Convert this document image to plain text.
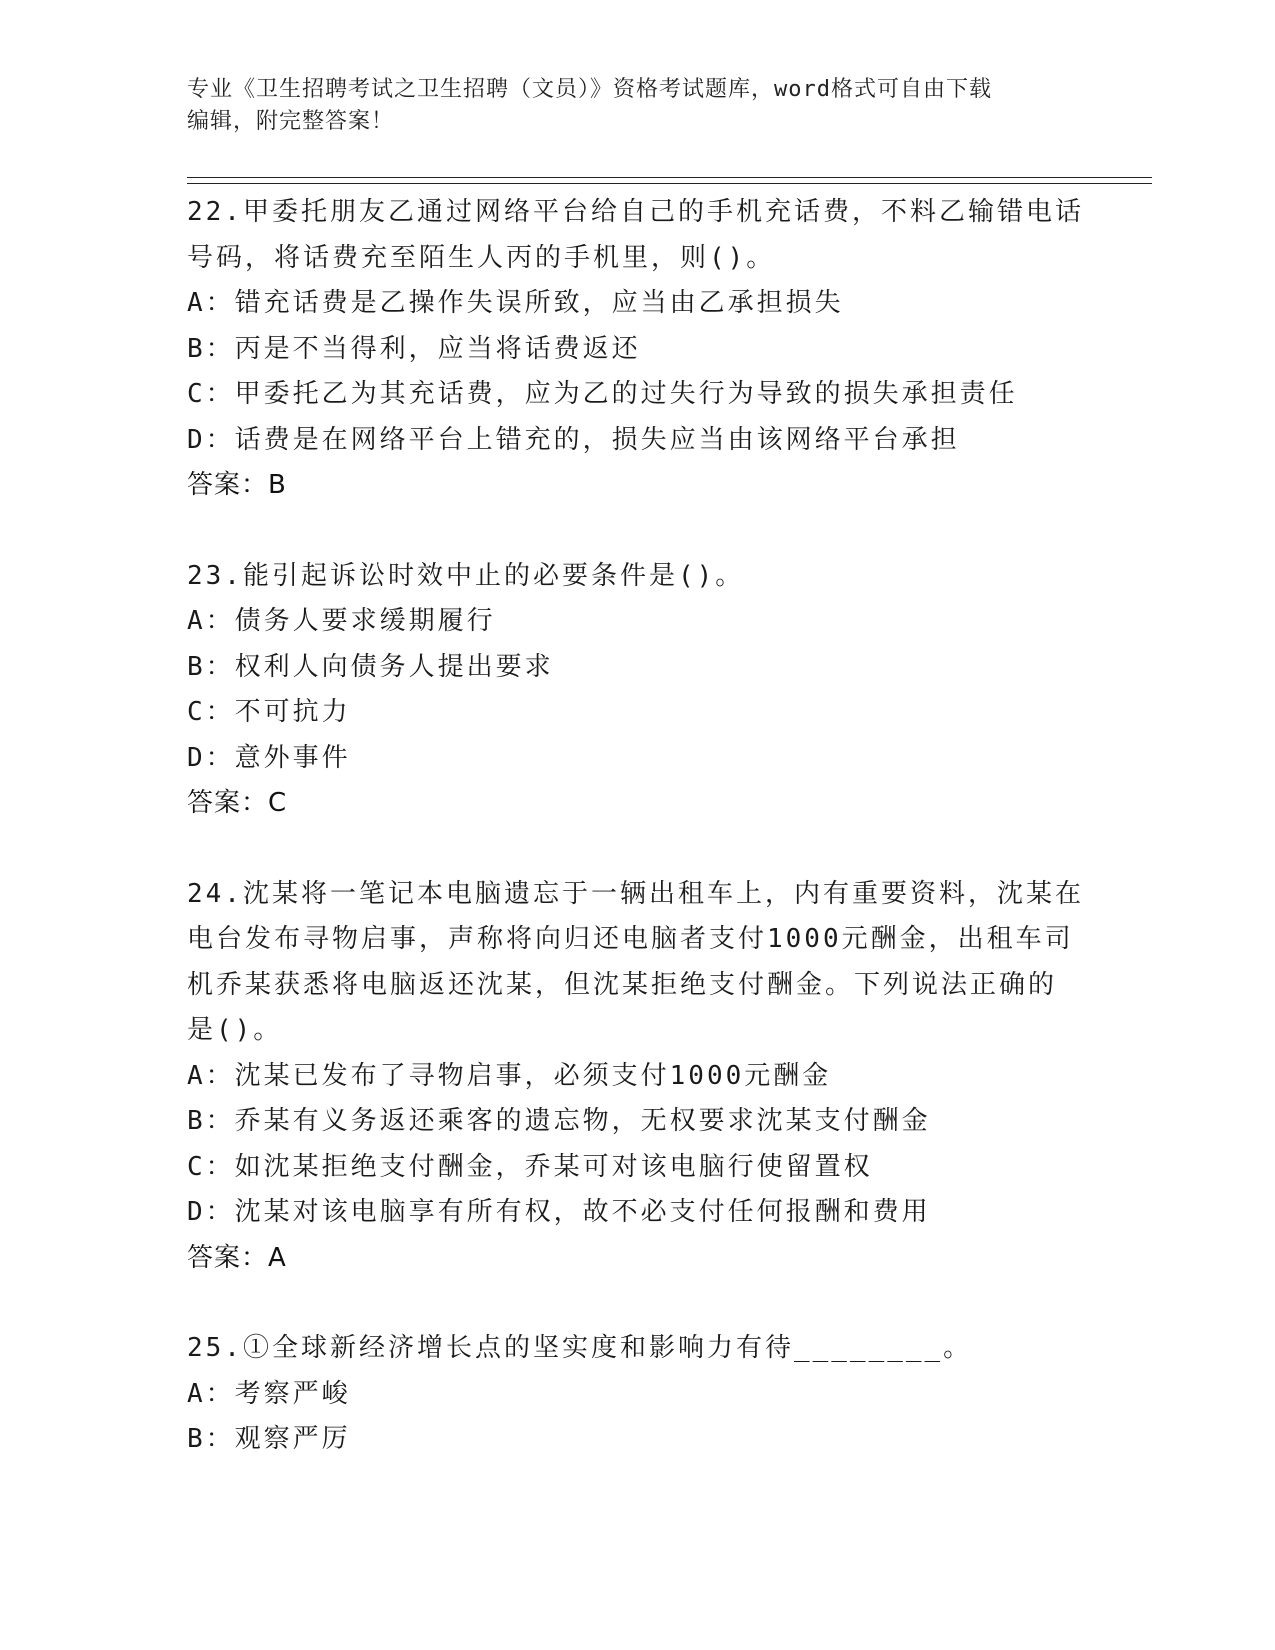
专业《卫生招聘考试之卫生招聘（文员）》资格考试题库，word格式可自由下载
编辑，附完整答案！
22.甲委托朋友乙通过网络平台给自己的手机充话费，不料乙输错电话
号码，将话费充至陌生人丙的手机里，则()。
A：错充话费是乙操作失误所致，应当由乙承担损失
B：丙是不当得利，应当将话费返还
C：甲委托乙为其充话费，应为乙的过失行为导致的损失承担责任
D：话费是在网络平台上错充的，损失应当由该网络平台承担
答案：B
23.能引起诉讼时效中止的必要条件是()。
A：债务人要求缓期履行
B：权利人向债务人提出要求
C：不可抗力
D：意外事件
答案：C
24.沈某将一笔记本电脑遗忘于一辆出租车上，内有重要资料，沈某在
电台发布寻物启事，声称将向归还电脑者支付1000元酬金，出租车司
机乔某获悉将电脑返还沈某，但沈某拒绝支付酬金。下列说法正确的
是()。
A：沈某已发布了寻物启事，必须支付1000元酬金
B：乔某有义务返还乘客的遗忘物，无权要求沈某支付酬金
C：如沈某拒绝支付酬金，乔某可对该电脑行使留置权
D：沈某对该电脑享有所有权，故不必支付任何报酬和费用
答案：A
25.①全球新经济增长点的坚实度和影响力有待________。
A：考察严峻
B：观察严厉
